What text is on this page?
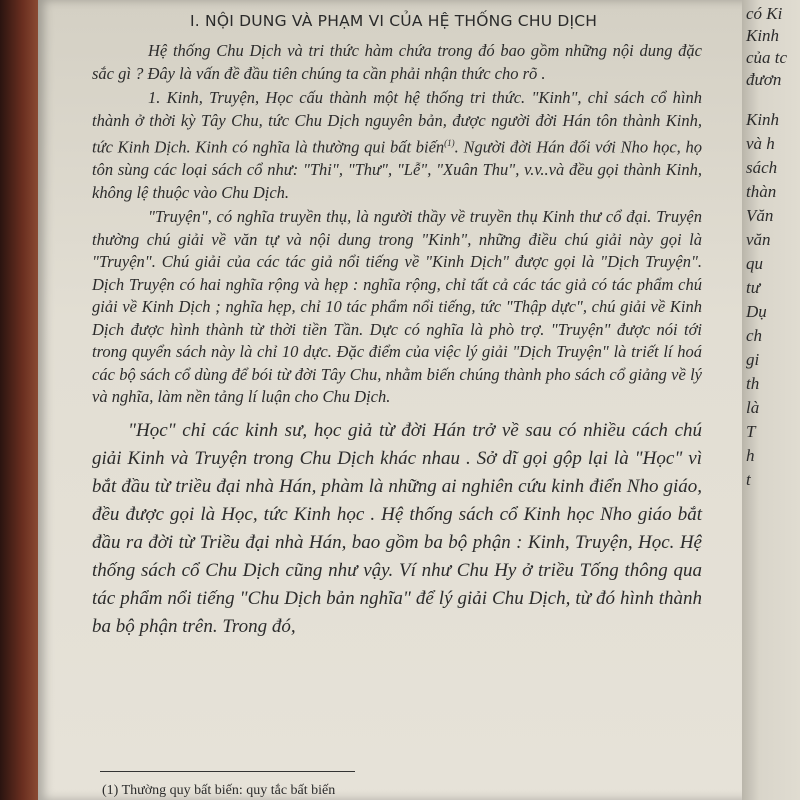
I. NỘI DUNG VÀ PHẠM VI CỦA HỆ THỐNG CHU DỊCH

Hệ thống Chu Dịch và tri thức hàm chứa trong đó bao gồm những nội dung đặc sắc gì ? Đây là vấn đề đầu tiên chúng ta cần phải nhận thức cho rõ .

1. Kinh, Truyện, Học cấu thành một hệ thống tri thức. "Kinh", chỉ sách cổ hình thành ở thời kỳ Tây Chu, tức Chu Dịch nguyên bản, được người đời Hán tôn thành Kinh, tức Kinh Dịch. Kinh có nghĩa là thường qui bất biến$^{(1)}$. Người đời Hán đối với Nho học, họ tôn sùng các loại sách cổ như: "Thi", "Thư", "Lễ", "Xuân Thu", v.v..và đều gọi thành Kinh, không lệ thuộc vào Chu Dịch.

"Truyện", có nghĩa truyền thụ, là người thầy về truyền thụ Kinh thư cổ đại. Truyện thường chú giải về văn tự và nội dung trong "Kinh", những điều chú giải này gọi là "Truyện". Chú giải của các tác giả nổi tiếng về "Kinh Dịch" được gọi là "Dịch Truyện". Dịch Truyện có hai nghĩa rộng và hẹp : nghĩa rộng, chỉ tất cả các tác giả có tác phẩm chú giải về Kinh Dịch ; nghĩa hẹp, chỉ 10 tác phẩm nổi tiếng, tức "Thập dực", chú giải về Kinh Dịch được hình thành từ thời tiền Tần. Dực có nghĩa là phò trợ. "Truyện" được nói tới trong quyển sách này là chỉ 10 dực. Đặc điểm của việc lý giải "Dịch Truyện" là triết lí hoá các bộ sách cổ dùng để bói từ đời Tây Chu, nhằm biến chúng thành pho sách cổ giảng về lý và nghĩa, làm nền tảng lí luận cho Chu Dịch.

"Học" chỉ các kinh sư, học giả từ đời Hán trở về sau có nhiều cách chú giải Kinh và Truyện trong Chu Dịch khác nhau . Sở dĩ gọi gộp lại là "Học" vì bắt đầu từ triều đại nhà Hán, phàm là những ai nghiên cứu kinh điển Nho giáo, đều được gọi là Học, tức Kinh học . Hệ thống sách cổ Kinh học Nho giáo bắt đầu ra đời từ Triều đại nhà Hán, bao gồm ba bộ phận : Kinh, Truyện, Học. Hệ thống sách cổ Chu Dịch cũng như vậy. Ví như Chu Hy ở triều Tống thông qua tác phẩm nổi tiếng "Chu Dịch bản nghĩa" để lý giải Chu Dịch, từ đó hình thành ba bộ phận trên. Trong đó,

(1) Thường quy bất biến: quy tắc bất biến
có Ki
Kinh
của tc
đươn
Kinh
và h
sách
thàn
Văn
văn
qu
tư
Dụ
ch
gi
th
là
T
h
t
